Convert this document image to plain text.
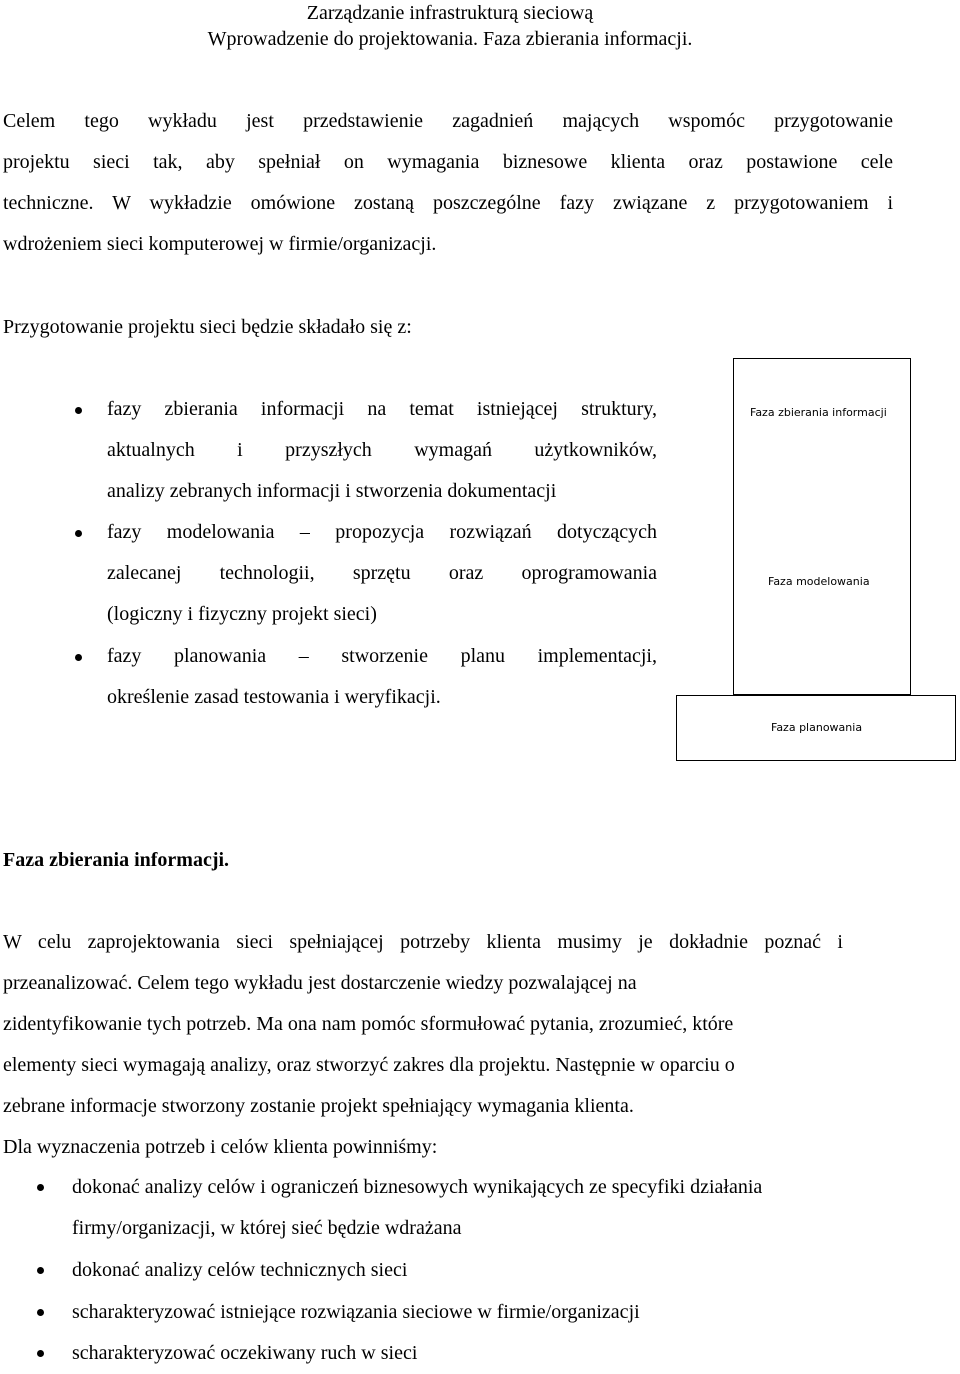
Zarządzanie infrastrukturą sieciową
Wprowadzenie do projektowania. Faza zbierania informacji.
Celem tego wykładu jest przedstawienie zagadnień mających wspomóc przygotowanie
projektu sieci tak, aby spełniał on wymagania biznesowe klienta oraz postawione cele
techniczne. W wykładzie omówione zostaną poszczególne fazy związane z przygotowaniem i
wdrożeniem sieci komputerowej w firmie/organizacji.
Przygotowanie projektu sieci będzie składało się z:
fazy zbierania informacji na temat istniejącej struktury,
aktualnych i przyszłych wymagań użytkowników,
analizy zebranych informacji i stworzenia dokumentacji
fazy modelowania – propozycja rozwiązań dotyczących
zalecanej technologii, sprzętu oraz oprogramowania
(logiczny i fizyczny projekt sieci)
fazy planowania – stworzenie planu implementacji,
określenie zasad testowania i weryfikacji.
Faza zbierania informacji
Faza modelowania
Faza planowania
Faza zbierania informacji.
W celu zaprojektowania sieci spełniającej potrzeby klienta musimy je dokładnie poznać i
przeanalizować. Celem tego wykładu jest dostarczenie wiedzy pozwalającej na
zidentyfikowanie tych potrzeb. Ma ona nam pomóc sformułować pytania, zrozumieć, które
elementy sieci wymagają analizy, oraz stworzyć zakres dla projektu. Następnie w oparciu o
zebrane informacje stworzony zostanie projekt spełniający wymagania klienta.
Dla wyznaczenia potrzeb i celów klienta powinniśmy:
dokonać analizy celów i ograniczeń biznesowych wynikających ze specyfiki działania
firmy/organizacji, w której sieć będzie wdrażana
dokonać analizy celów technicznych sieci
scharakteryzować istniejące rozwiązania sieciowe w firmie/organizacji
scharakteryzować oczekiwany ruch w sieci
